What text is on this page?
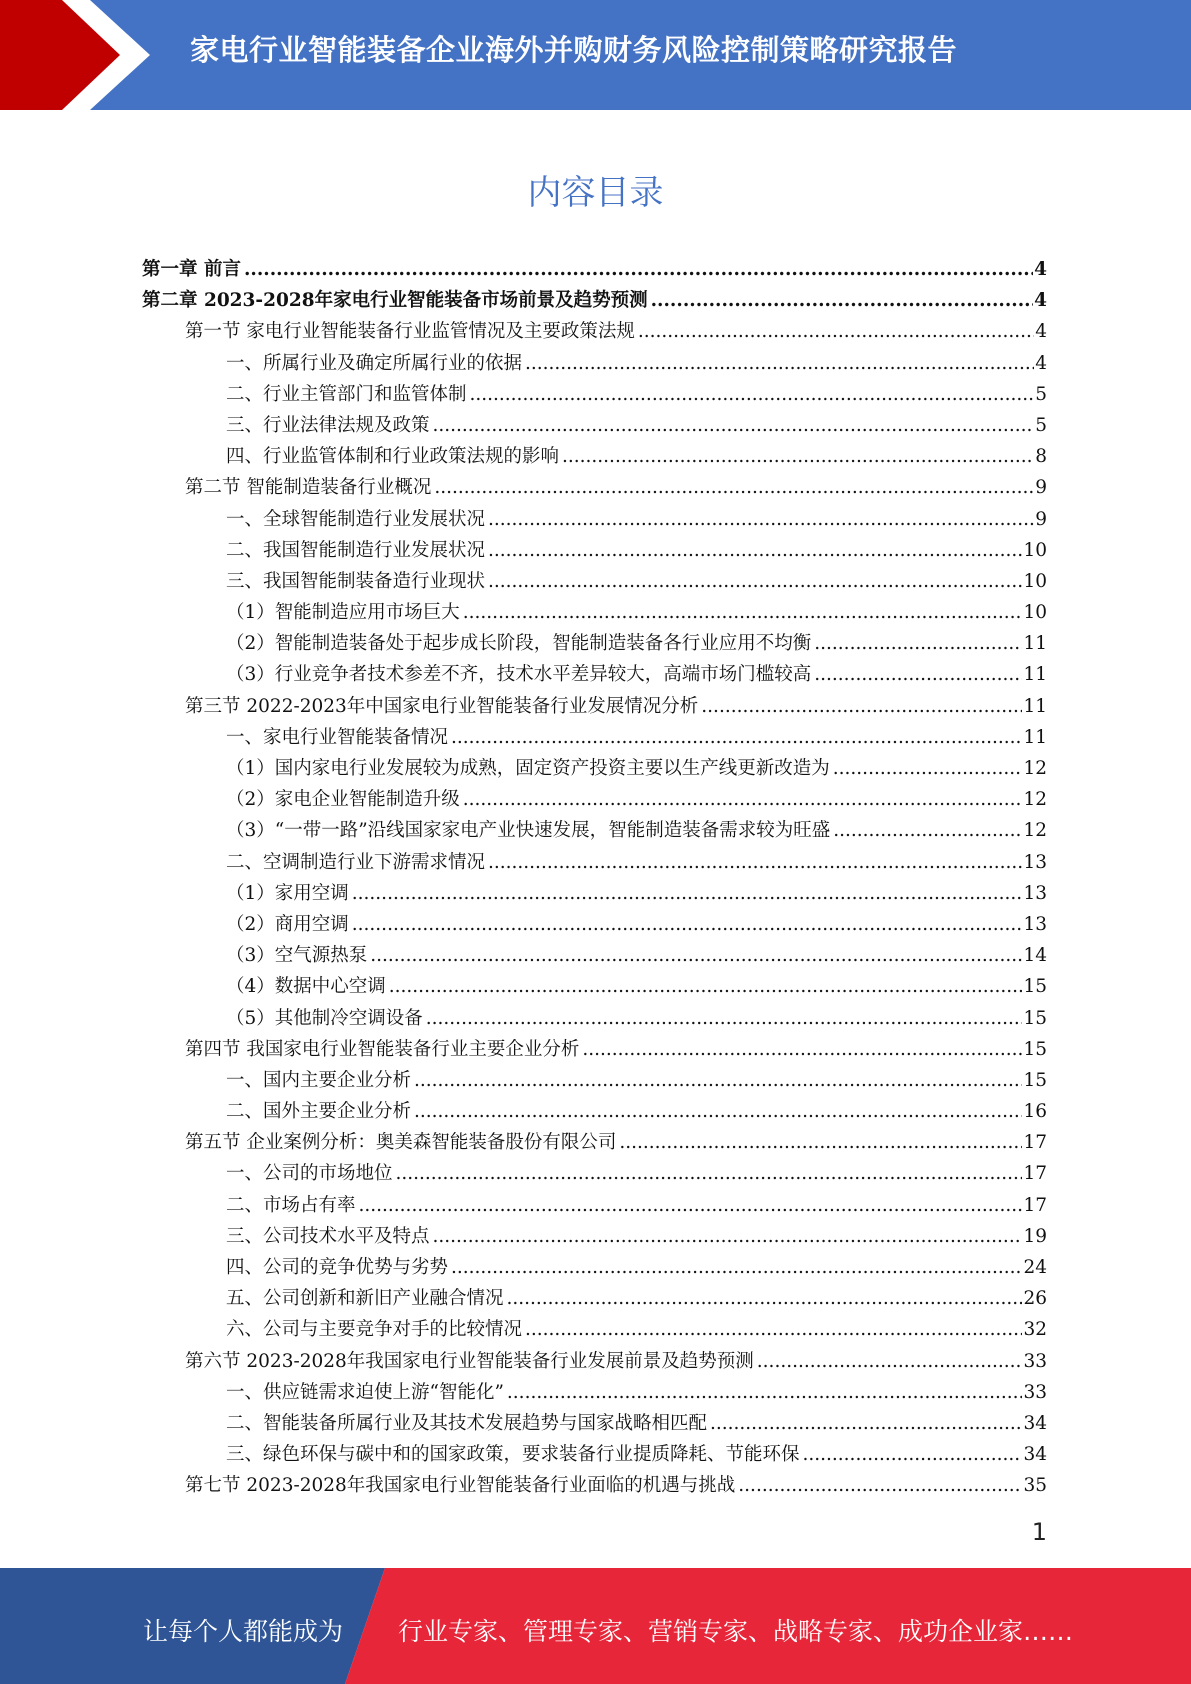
家电行业智能装备企业海外并购财务风险控制策略研究报告
内容目录
第一章 前言 .....	4
第二章 2023-2028年家电行业智能装备市场前景及趋势预测 .....	4
第一节 家电行业智能装备行业监管情况及主要政策法规 .....	4
一、所属行业及确定所属行业的依据 .....	4
二、行业主管部门和监管体制 .....	5
三、行业法律法规及政策 .....	5
四、行业监管体制和行业政策法规的影响 .....	8
第二节 智能制造装备行业概况 .....	9
一、全球智能制造行业发展状况 .....	9
二、我国智能制造行业发展状况 .....	10
三、我国智能制装备造行业现状 .....	10
（1）智能制造应用市场巨大 .....	10
（2）智能制造装备处于起步成长阶段，智能制造装备各行业应用不均衡 .....	11
（3）行业竞争者技术参差不齐，技术水平差异较大，高端市场门槛较高 .....	11
第三节 2022-2023年中国家电行业智能装备行业发展情况分析 .....	11
一、家电行业智能装备情况 .....	11
（1）国内家电行业发展较为成熟，固定资产投资主要以生产线更新改造为 .....	12
（2）家电企业智能制造升级 .....	12
（3）“一带一路”沿线国家家电产业快速发展，智能制造装备需求较为旺盛 .....	12
二、空调制造行业下游需求情况 .....	13
（1）家用空调 .....	13
（2）商用空调 .....	13
（3）空气源热泵 .....	14
（4）数据中心空调 .....	15
（5）其他制冷空调设备 .....	15
第四节 我国家电行业智能装备行业主要企业分析 .....	15
一、国内主要企业分析 .....	15
二、国外主要企业分析 .....	16
第五节 企业案例分析：奥美森智能装备股份有限公司 .....	17
一、公司的市场地位 .....	17
二、市场占有率 .....	17
三、公司技术水平及特点 .....	19
四、公司的竞争优势与劣势 .....	24
五、公司创新和新旧产业融合情况 .....	26
六、公司与主要竞争对手的比较情况 .....	32
第六节 2023-2028年我国家电行业智能装备行业发展前景及趋势预测 .....	33
一、供应链需求迫使上游“智能化” .....	33
二、智能装备所属行业及其技术发展趋势与国家战略相匹配 .....	34
三、绿色环保与碳中和的国家政策，要求装备行业提质降耗、节能环保 .....	34
第七节 2023-2028年我国家电行业智能装备行业面临的机遇与挑战 .....	35
1
让每个人都能成为 行业专家、管理专家、营销专家、战略专家、成功企业家……
